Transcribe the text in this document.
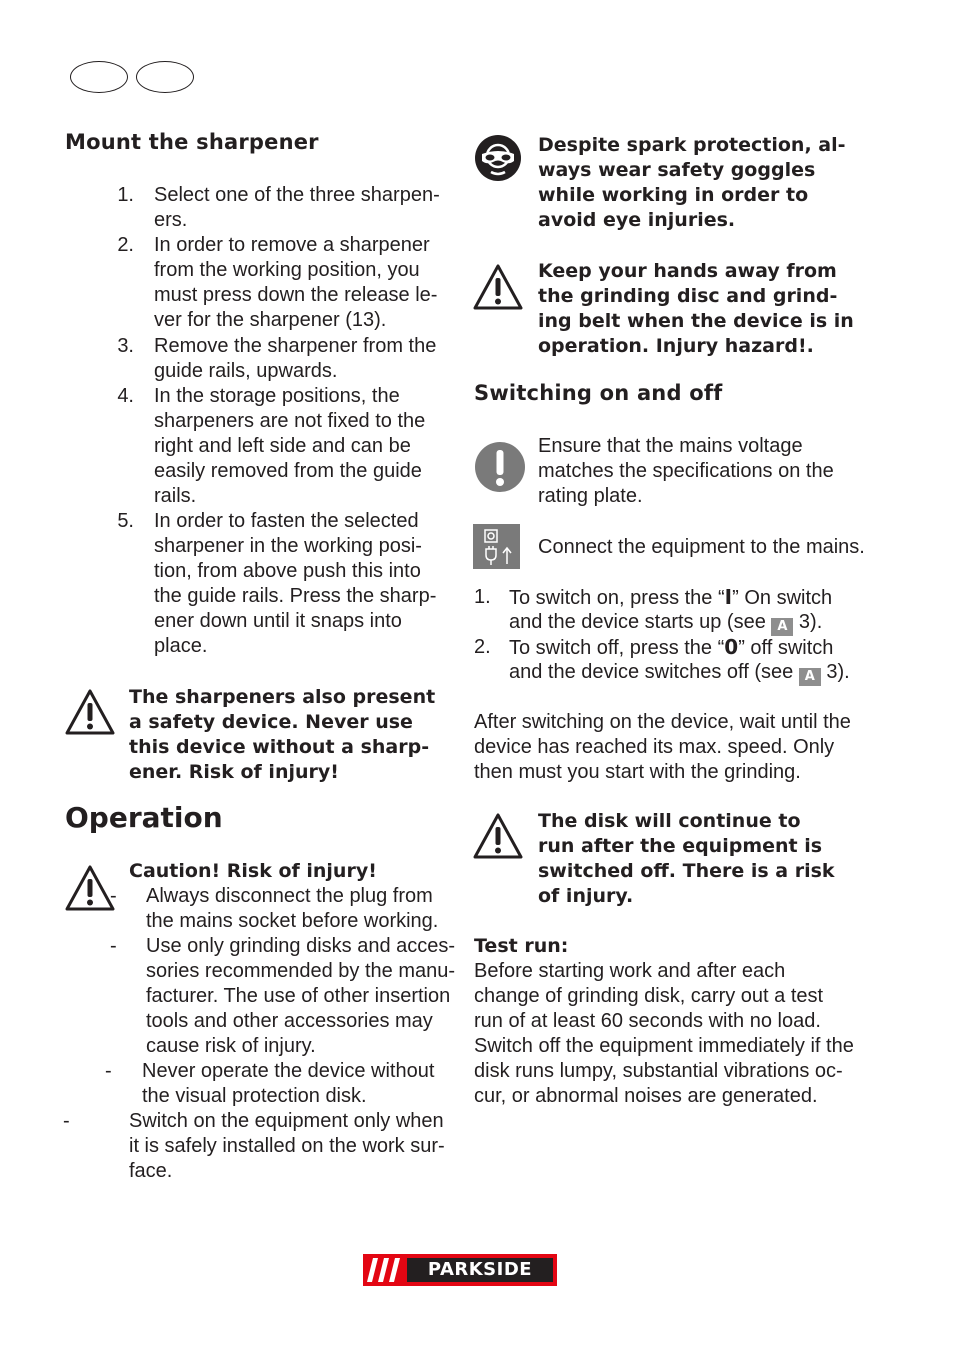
Mount the sharpener
1. Select one of the three sharpen-
ers.
2. In order to remove a sharpener
from the working position, you
must press down the release le-
ver for the sharpener (13).
3. Remove the sharpener from the
guide rails, upwards.
4. In the storage positions, the
sharpeners are not fixed to the
right and left side and can be
easily removed from the guide
rails.
5. In order to fasten the selected
sharpener in the working posi-
tion, from above push this into
the guide rails. Press the sharp-
ener down until it snaps into
place.
The sharpeners also present
a safety device. Never use
this device without a sharp-
ener. Risk of injury!
Operation
Caution! Risk of injury!
- Always disconnect the plug from
the mains socket before working.
- Use only grinding disks and acces-
sories recommended by the manu-
facturer. The use of other insertion
tools and other accessories may
cause risk of injury.
- Never operate the device without
the visual protection disk.
-	Switch on the equipment only when
it is safely installed on the work sur-
face.
Despite spark protection, al-
ways wear safety goggles
while working in order to
avoid eye injuries.
Keep your hands away from
the grinding disc and grind-
ing belt when the device is in
operation. Injury hazard!.
Switching on and off
Ensure that the mains voltage
matches the specifications on the
rating plate.
Connect the equipment to the mains.
1. To switch on, press the “I” On switch
and the device starts up (see A 3).
2. To switch off, press the “0” off switch
and the device switches off (see A 3).
After switching on the device, wait until the
device has reached its max. speed. Only
then must you start with the grinding.
The disk will continue to
run after the equipment is
switched off. There is a risk
of injury.
Test run:
Before starting work and after each
change of grinding disk, carry out a test
run of at least 60 seconds with no load.
Switch off the equipment immediately if the
disk runs lumpy, substantial vibrations oc-
cur, or abnormal noises are generated.
PARKSIDE
